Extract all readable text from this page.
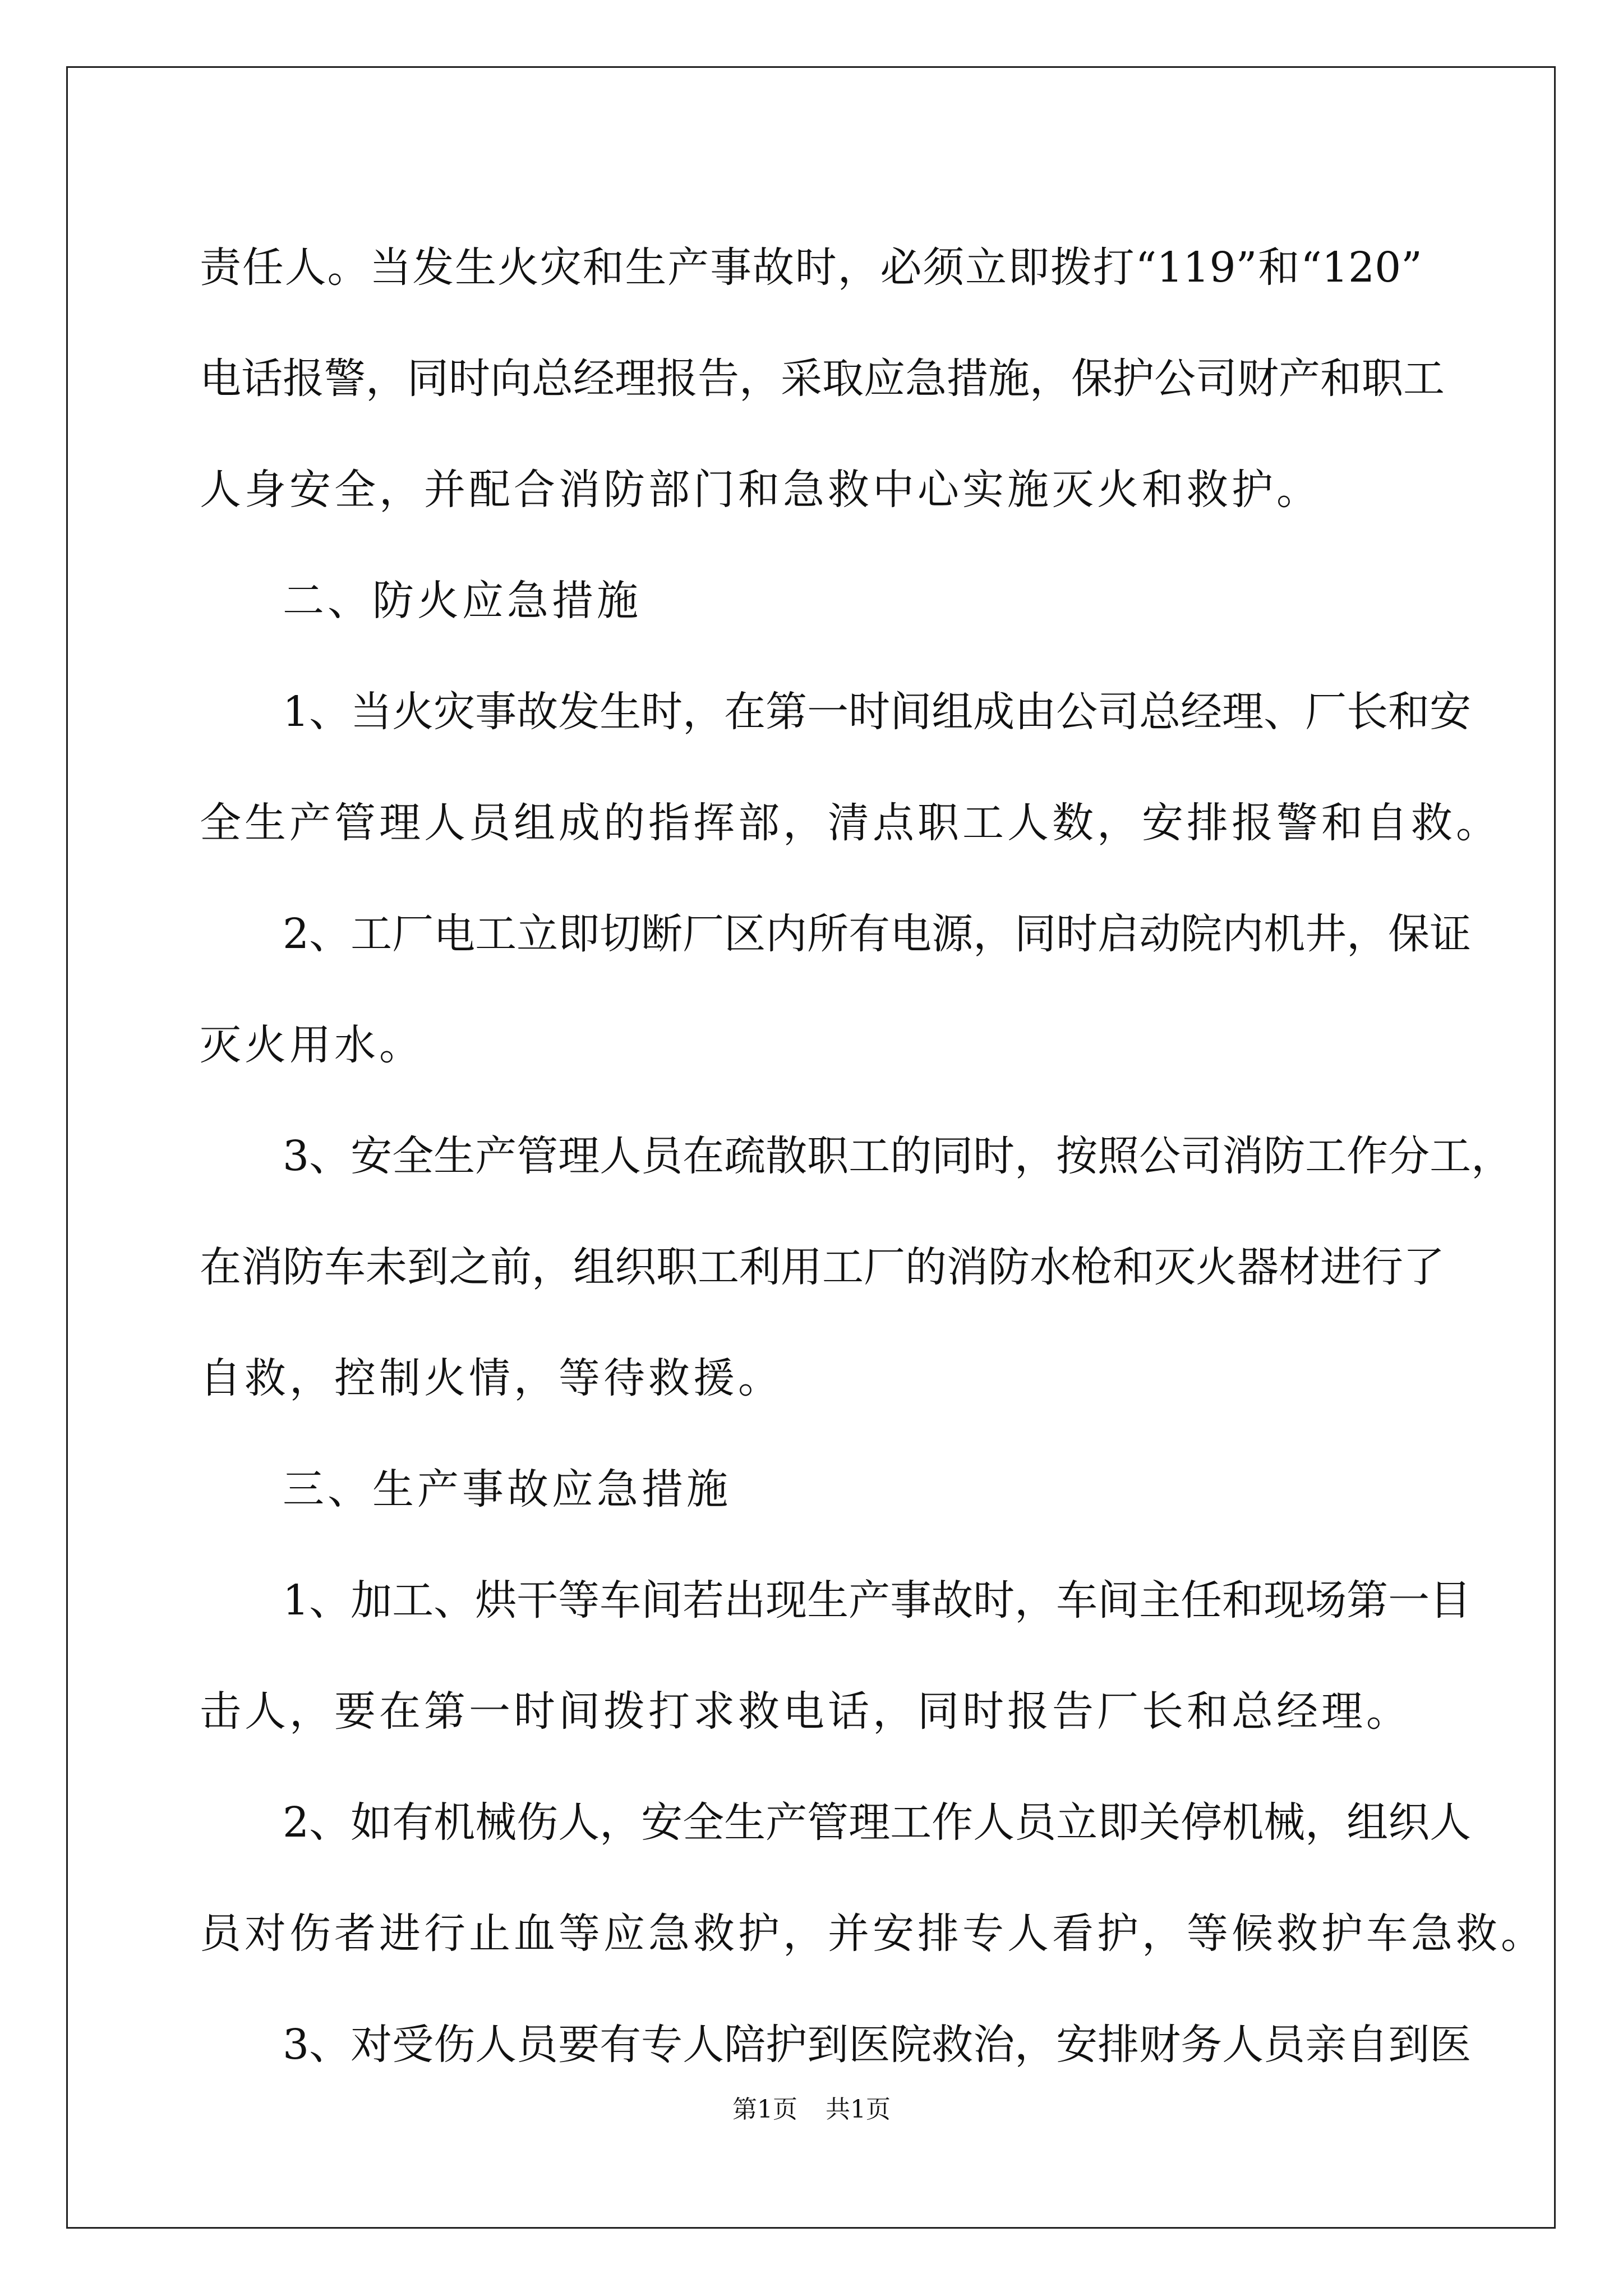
责任人。当发生火灾和生产事故时，必须立即拨打“119”和“120”
电话报警，同时向总经理报告，采取应急措施，保护公司财产和职工
人身安全，并配合消防部门和急救中心实施灭火和救护。
二、防火应急措施
1、当火灾事故发生时，在第一时间组成由公司总经理、厂长和安
全生产管理人员组成的指挥部，清点职工人数，安排报警和自救。
2、工厂电工立即切断厂区内所有电源，同时启动院内机井，保证
灭火用水。
3、安全生产管理人员在疏散职工的同时，按照公司消防工作分工，
在消防车未到之前，组织职工利用工厂的消防水枪和灭火器材进行了
自救，控制火情，等待救援。
三、生产事故应急措施
1、加工、烘干等车间若出现生产事故时，车间主任和现场第一目
击人，要在第一时间拨打求救电话，同时报告厂长和总经理。
2、如有机械伤人，安全生产管理工作人员立即关停机械，组织人
员对伤者进行止血等应急救护，并安排专人看护，等候救护车急救。
3、对受伤人员要有专人陪护到医院救治，安排财务人员亲自到医
第1页 共1页
